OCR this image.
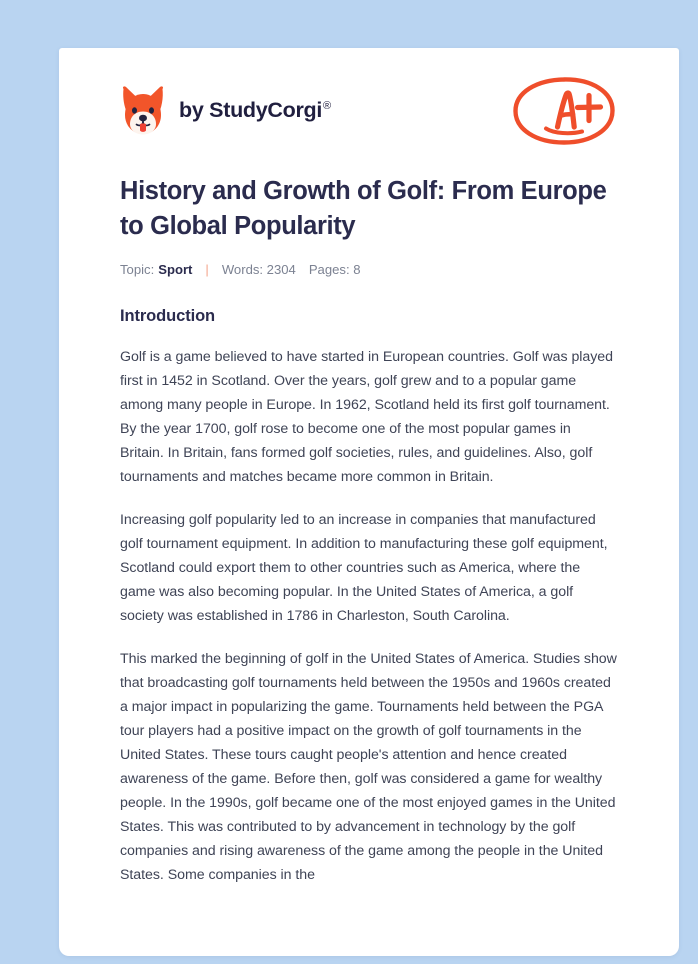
by StudyCorgi®
History and Growth of Golf: From Europe to Global Popularity
Topic: Sport | Words: 2304 Pages: 8
Introduction

Golf is a game believed to have started in European countries. Golf was played first in 1452 in Scotland. Over the years, golf grew and to a popular game among many people in Europe. In 1962, Scotland held its first golf tournament. By the year 1700, golf rose to become one of the most popular games in Britain. In Britain, fans formed golf societies, rules, and guidelines. Also, golf tournaments and matches became more common in Britain.

Increasing golf popularity led to an increase in companies that manufactured golf tournament equipment. In addition to manufacturing these golf equipment, Scotland could export them to other countries such as America, where the game was also becoming popular. In the United States of America, a golf society was established in 1786 in Charleston, South Carolina.

This marked the beginning of golf in the United States of America. Studies show that broadcasting golf tournaments held between the 1950s and 1960s created a major impact in popularizing the game. Tournaments held between the PGA tour players had a positive impact on the growth of golf tournaments in the United States. These tours caught people's attention and hence created awareness of the game. Before then, golf was considered a game for wealthy people. In the 1990s, golf became one of the most enjoyed games in the United States. This was contributed to by advancement in technology by the golf companies and rising awareness of the game among the people in the United States. Some companies in the
